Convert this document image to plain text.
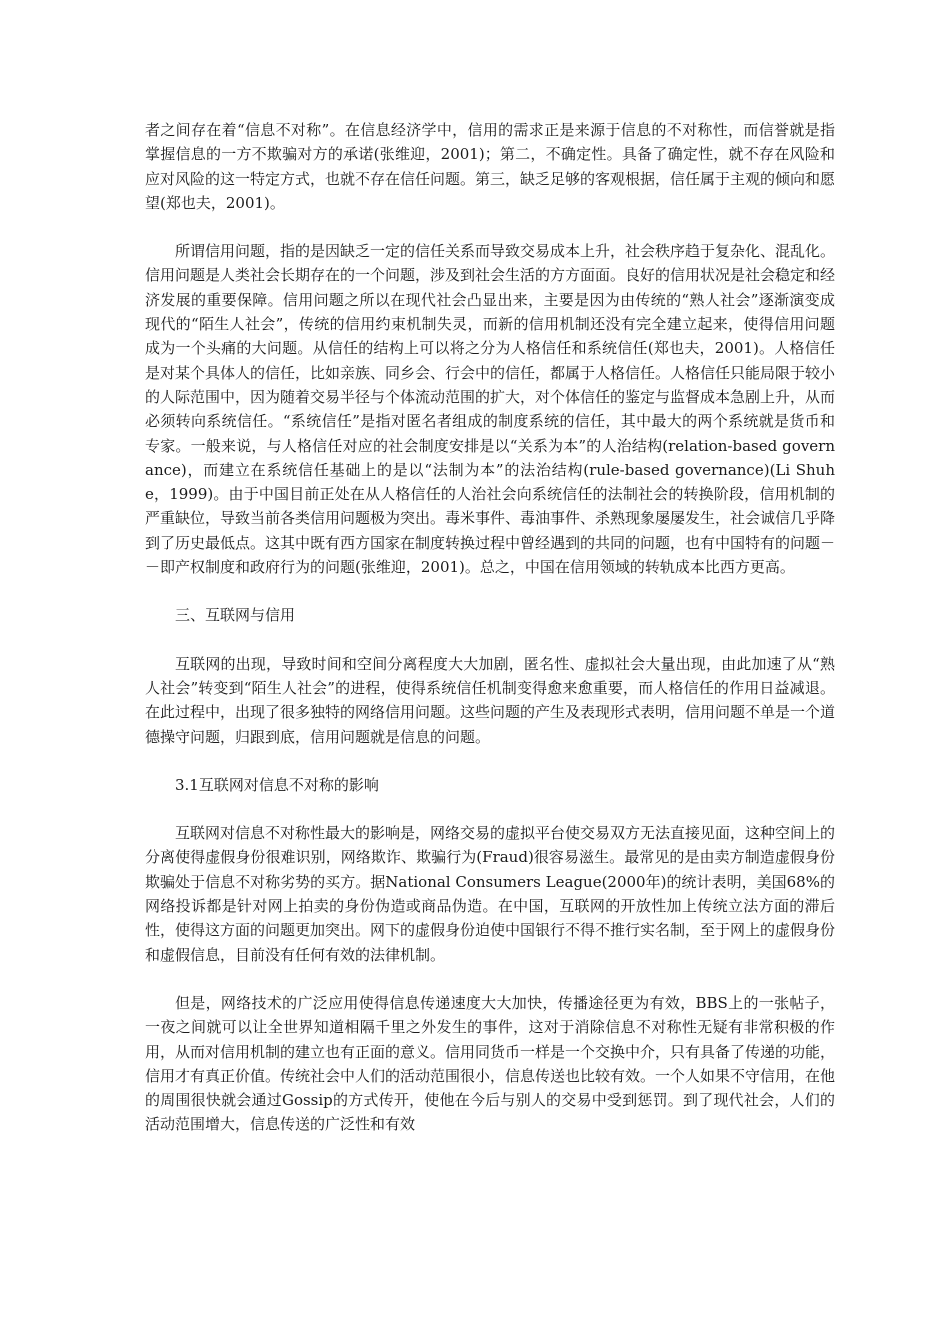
者之间存在着“信息不对称”。在信息经济学中，信用的需求正是来源于信息的不对称性，而信誉就是指掌握信息的一方不欺骗对方的承诺(张维迎，2001)；第二，不确定性。具备了确定性，就不存在风险和应对风险的这一特定方式，也就不存在信任问题。第三，缺乏足够的客观根据，信任属于主观的倾向和愿望(郑也夫，2001)。

所谓信用问题，指的是因缺乏一定的信任关系而导致交易成本上升，社会秩序趋于复杂化、混乱化。信用问题是人类社会长期存在的一个问题，涉及到社会生活的方方面面。良好的信用状况是社会稳定和经济发展的重要保障。信用问题之所以在现代社会凸显出来，主要是因为由传统的“熟人社会”逐渐演变成现代的“陌生人社会”，传统的信用约束机制失灵，而新的信用机制还没有完全建立起来，使得信用问题成为一个头痛的大问题。从信任的结构上可以将之分为人格信任和系统信任(郑也夫，2001)。人格信任是对某个具体人的信任，比如亲族、同乡会、行会中的信任，都属于人格信任。人格信任只能局限于较小的人际范围中，因为随着交易半径与个体流动范围的扩大，对个体信任的鉴定与监督成本急剧上升，从而必须转向系统信任。“系统信任”是指对匿名者组成的制度系统的信任，其中最大的两个系统就是货币和专家。一般来说，与人格信任对应的社会制度安排是以“关系为本”的人治结构(relation-based governance)，而建立在系统信任基础上的是以“法制为本”的法治结构(rule-based governance)(Li Shuhe，1999)。由于中国目前正处在从人格信任的人治社会向系统信任的法制社会的转换阶段，信用机制的严重缺位，导致当前各类信用问题极为突出。毒米事件、毒油事件、杀熟现象屡屡发生，社会诚信几乎降到了历史最低点。这其中既有西方国家在制度转换过程中曾经遇到的共同的问题，也有中国特有的问题－－即产权制度和政府行为的问题(张维迎，2001)。总之，中国在信用领域的转轨成本比西方更高。

三、互联网与信用

互联网的出现，导致时间和空间分离程度大大加剧，匿名性、虚拟社会大量出现，由此加速了从“熟人社会”转变到“陌生人社会”的进程，使得系统信任机制变得愈来愈重要，而人格信任的作用日益减退。在此过程中，出现了很多独特的网络信用问题。这些问题的产生及表现形式表明，信用问题不单是一个道德操守问题，归跟到底，信用问题就是信息的问题。

3.1互联网对信息不对称的影响

互联网对信息不对称性最大的影响是，网络交易的虚拟平台使交易双方无法直接见面，这种空间上的分离使得虚假身份很难识别，网络欺诈、欺骗行为(Fraud)很容易滋生。最常见的是由卖方制造虚假身份欺骗处于信息不对称劣势的买方。据National Consumers League(2000年)的统计表明，美国68%的网络投诉都是针对网上拍卖的身份伪造或商品伪造。在中国，互联网的开放性加上传统立法方面的滞后性，使得这方面的问题更加突出。网下的虚假身份迫使中国银行不得不推行实名制，至于网上的虚假身份和虚假信息，目前没有任何有效的法律机制。

但是，网络技术的广泛应用使得信息传递速度大大加快，传播途径更为有效，BBS上的一张帖子，一夜之间就可以让全世界知道相隔千里之外发生的事件，这对于消除信息不对称性无疑有非常积极的作用，从而对信用机制的建立也有正面的意义。信用同货币一样是一个交换中介，只有具备了传递的功能，信用才有真正价值。传统社会中人们的活动范围很小，信息传送也比较有效。一个人如果不守信用，在他的周围很快就会通过Gossip的方式传开，使他在今后与别人的交易中受到惩罚。到了现代社会，人们的活动范围增大，信息传送的广泛性和有效
